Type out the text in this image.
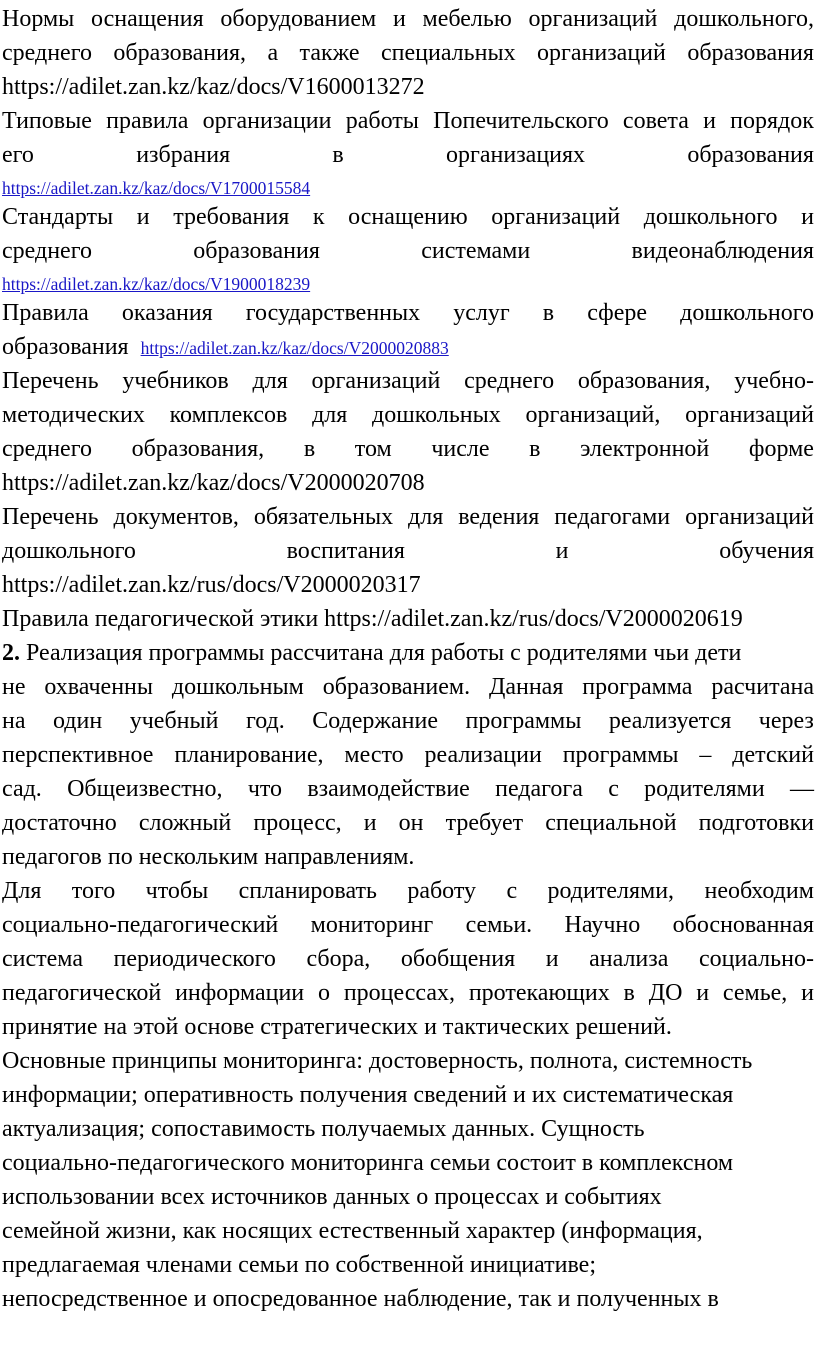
Нормы оснащения оборудованием и мебелью организаций дошкольного,
среднего образования, а также специальных организаций образования
https://adilet.zan.kz/kaz/docs/V1600013272
Типовые правила организации работы Попечительского совета и порядок
его	избрания	в	организациях	образования
https://adilet.zan.kz/kaz/docs/V1700015584
Стандарты и требования к оснащению организаций дошкольного и
среднего	образования	системами	видеонаблюдения
https://adilet.zan.kz/kaz/docs/V1900018239
Правила оказания государственных услуг в сфере дошкольного
образования https://adilet.zan.kz/kaz/docs/V2000020883
Перечень учебников для организаций среднего образования, учебно-
методических комплексов для дошкольных организаций, организаций
среднего образования, в том числе в электронной форме
https://adilet.zan.kz/kaz/docs/V2000020708
Перечень документов, обязательных для ведения педагогами организаций
дошкольного	воспитания	и	обучения
https://adilet.zan.kz/rus/docs/V2000020317
Правила педагогической этики https://adilet.zan.kz/rus/docs/V2000020619
2. Реализация программы рассчитана для работы с родителями чьи дети
не охваченны дошкольным образованием. Данная программа расчитана
на один учебный год. Содержание программы реализуется через
перспективное планирование, место реализации программы – детский
сад. Общеизвестно, что взаимодействие педагога с родителями —
достаточно сложный процесс, и он требует специальной подготовки
педагогов по нескольким направлениям.
Для того чтобы спланировать работу с родителями, необходим
социально-педагогический мониторинг семьи. Научно обоснованная
система периодического сбора, обобщения и анализа социально-
педагогической информации о процессах, протекающих в ДО и семье, и
принятие на этой основе стратегических и тактических решений.
Основные принципы мониторинга: достоверность, полнота, системность
информации; оперативность получения сведений и их систематическая
актуализация; сопоставимость получаемых данных. Сущность
социально-педагогического мониторинга семьи состоит в комплексном
использовании всех источников данных о процессах и событиях
семейной жизни, как носящих естественный характер (информация,
предлагаемая членами семьи по собственной инициативе;
непосредственное и опосредованное наблюдение, так и полученных в
